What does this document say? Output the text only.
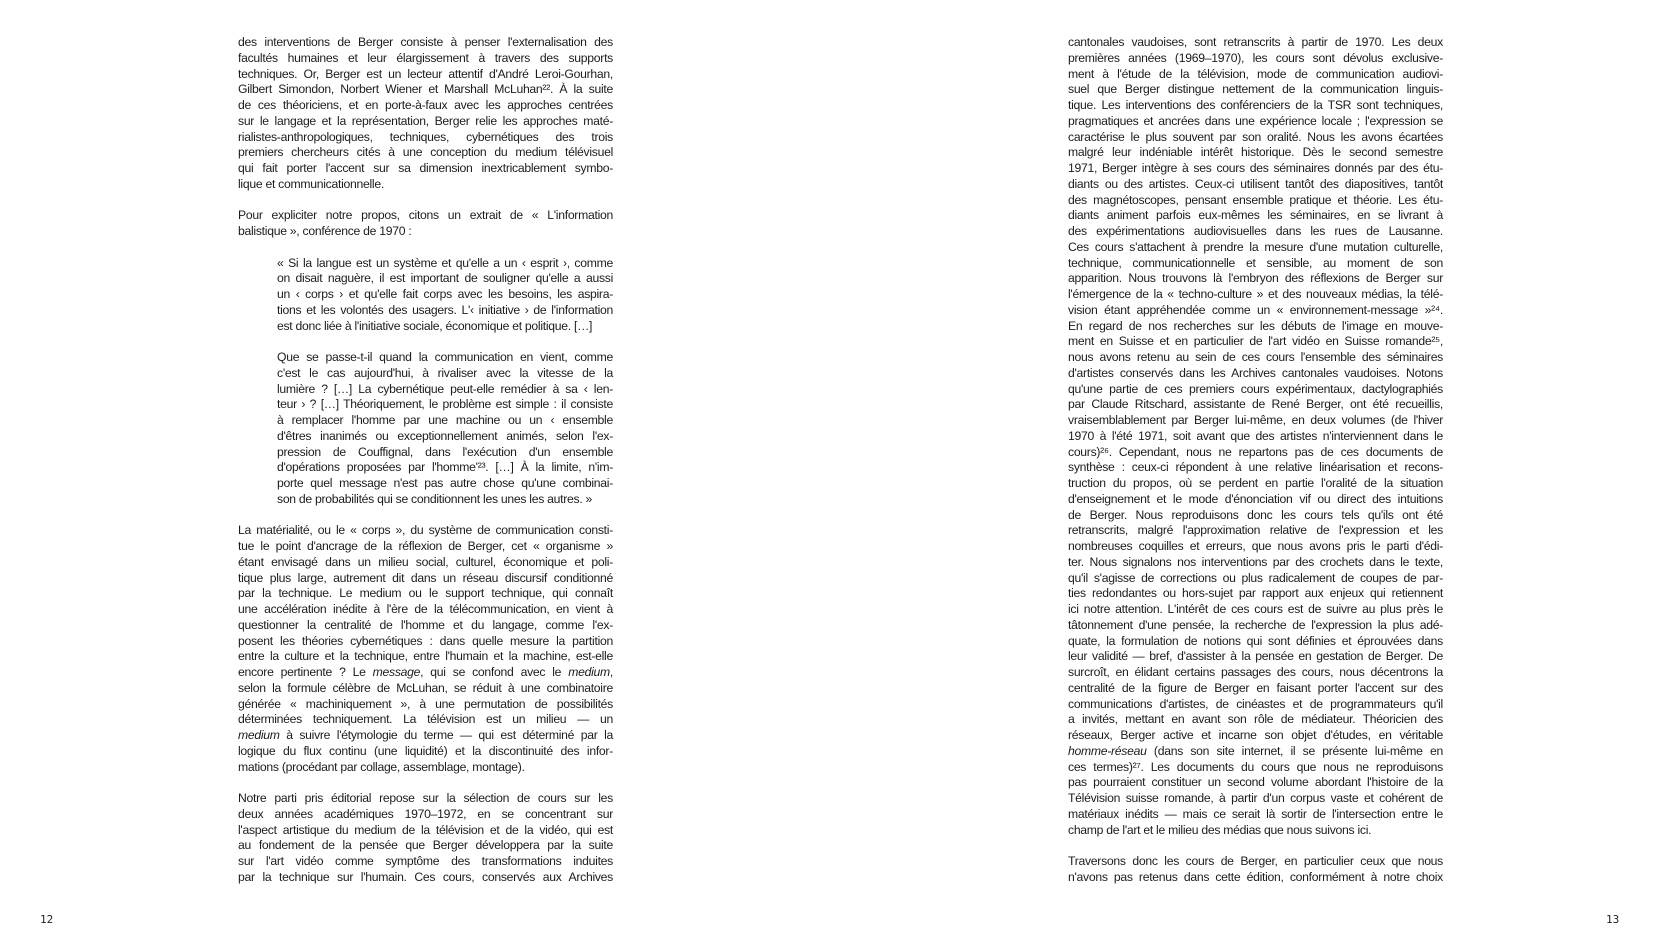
des interventions de Berger consiste à penser l'externalisation des
facultés humaines et leur élargissement à travers des supports
techniques. Or, Berger est un lecteur attentif d'André Leroi-Gourhan,
Gilbert Simondon, Norbert Wiener et Marshall McLuhan²². À la suite
de ces théoriciens, et en porte-à-faux avec les approches centrées
sur le langage et la représentation, Berger relie les approches maté-
rialistes-anthropologiques, techniques, cybernétiques des trois
premiers chercheurs cités à une conception du medium télévisuel
qui fait porter l'accent sur sa dimension inextricablement symbo-
lique et communicationnelle.
Pour expliciter notre propos, citons un extrait de « L'information
balistique », conférence de 1970 :
« Si la langue est un système et qu'elle a un ‹ esprit ›, comme
on disait naguère, il est important de souligner qu'elle a aussi
un ‹ corps › et qu'elle fait corps avec les besoins, les aspira-
tions et les volontés des usagers. L'‹ initiative › de l'information
est donc liée à l'initiative sociale, économique et politique. […]
Que se passe-t-il quand la communication en vient, comme
c'est le cas aujourd'hui, à rivaliser avec la vitesse de la
lumière ? […] La cybernétique peut-elle remédier à sa ‹ len-
teur › ? […] Théoriquement, le problème est simple : il consiste
à remplacer l'homme par une machine ou un ‹ ensemble
d'êtres inanimés ou exceptionnellement animés, selon l'ex-
pression de Couffignal, dans l'exécution d'un ensemble
d'opérations proposées par l'homme'²³. […] À la limite, n'im-
porte quel message n'est pas autre chose qu'une combinai-
son de probabilités qui se conditionnent les unes les autres. »
La matérialité, ou le « corps », du système de communication consti-
tue le point d'ancrage de la réflexion de Berger, cet « organisme »
étant envisagé dans un milieu social, culturel, économique et poli-
tique plus large, autrement dit dans un réseau discursif conditionné
par la technique. Le medium ou le support technique, qui connaît
une accélération inédite à l'ère de la télécommunication, en vient à
questionner la centralité de l'homme et du langage, comme l'ex-
posent les théories cybernétiques : dans quelle mesure la partition
entre la culture et la technique, entre l'humain et la machine, est-elle
encore pertinente ? Le message, qui se confond avec le medium,
selon la formule célèbre de McLuhan, se réduit à une combinatoire
générée « machiniquement », à une permutation de possibilités
déterminées techniquement. La télévision est un milieu — un
medium à suivre l'étymologie du terme — qui est déterminé par la
logique du flux continu (une liquidité) et la discontinuité des infor-
mations (procédant par collage, assemblage, montage).
Notre parti pris éditorial repose sur la sélection de cours sur les
deux années académiques 1970–1972, en se concentrant sur
l'aspect artistique du medium de la télévision et de la vidéo, qui est
au fondement de la pensée que Berger développera par la suite
sur l'art vidéo comme symptôme des transformations induites
par la technique sur l'humain. Ces cours, conservés aux Archives
cantonales vaudoises, sont retranscrits à partir de 1970. Les deux
premières années (1969–1970), les cours sont dévolus exclusive-
ment à l'étude de la télévision, mode de communication audiovi-
suel que Berger distingue nettement de la communication linguis-
tique. Les interventions des conférenciers de la TSR sont techniques,
pragmatiques et ancrées dans une expérience locale ; l'expression se
caractérise le plus souvent par son oralité. Nous les avons écartées
malgré leur indéniable intérêt historique. Dès le second semestre
1971, Berger intègre à ses cours des séminaires donnés par des étu-
diants ou des artistes. Ceux-ci utilisent tantôt des diapositives, tantôt
des magnétoscopes, pensant ensemble pratique et théorie. Les étu-
diants animent parfois eux-mêmes les séminaires, en se livrant à
des expérimentations audiovisuelles dans les rues de Lausanne.
Ces cours s'attachent à prendre la mesure d'une mutation culturelle,
technique, communicationnelle et sensible, au moment de son
apparition. Nous trouvons là l'embryon des réflexions de Berger sur
l'émergence de la « techno-culture » et des nouveaux médias, la télé-
vision étant appréhendée comme un « environnement-message »²⁴.
En regard de nos recherches sur les débuts de l'image en mouve-
ment en Suisse et en particulier de l'art vidéo en Suisse romande²⁵,
nous avons retenu au sein de ces cours l'ensemble des séminaires
d'artistes conservés dans les Archives cantonales vaudoises. Notons
qu'une partie de ces premiers cours expérimentaux, dactylographiés
par Claude Ritschard, assistante de René Berger, ont été recueillis,
vraisemblablement par Berger lui-même, en deux volumes (de l'hiver
1970 à l'été 1971, soit avant que des artistes n'interviennent dans le
cours)²⁶. Cependant, nous ne repartons pas de ces documents de
synthèse : ceux-ci répondent à une relative linéarisation et recons-
truction du propos, où se perdent en partie l'oralité de la situation
d'enseignement et le mode d'énonciation vif ou direct des intuitions
de Berger. Nous reproduisons donc les cours tels qu'ils ont été
retranscrits, malgré l'approximation relative de l'expression et les
nombreuses coquilles et erreurs, que nous avons pris le parti d'édi-
ter. Nous signalons nos interventions par des crochets dans le texte,
qu'il s'agisse de corrections ou plus radicalement de coupes de par-
ties redondantes ou hors-sujet par rapport aux enjeux qui retiennent
ici notre attention. L'intérêt de ces cours est de suivre au plus près le
tâtonnement d'une pensée, la recherche de l'expression la plus adé-
quate, la formulation de notions qui sont définies et éprouvées dans
leur validité — bref, d'assister à la pensée en gestation de Berger. De
surcroît, en élidant certains passages des cours, nous décentrons la
centralité de la figure de Berger en faisant porter l'accent sur des
communications d'artistes, de cinéastes et de programmateurs qu'il
a invités, mettant en avant son rôle de médiateur. Théoricien des
réseaux, Berger active et incarne son objet d'études, en véritable
homme-réseau (dans son site internet, il se présente lui-même en
ces termes)²⁷. Les documents du cours que nous ne reproduisons
pas pourraient constituer un second volume abordant l'histoire de la
Télévision suisse romande, à partir d'un corpus vaste et cohérent de
matériaux inédits — mais ce serait là sortir de l'intersection entre le
champ de l'art et le milieu des médias que nous suivons ici.
Traversons donc les cours de Berger, en particulier ceux que nous
n'avons pas retenus dans cette édition, conformément à notre choix
12	13
